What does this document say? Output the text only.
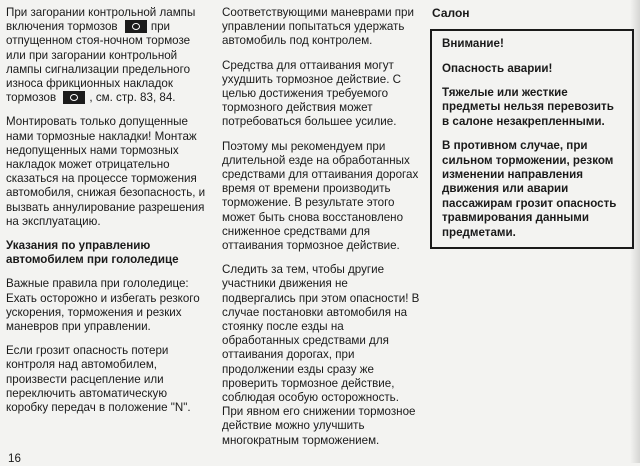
При загорании контрольной лампы включения тормозов	при отпущенном стоя-ночном тормозе или при загорании контрольной лампы сигнализации предельного износа фрикционных накладок тормозов	, см. стр. 83, 84.

Монтировать только допущенные нами тормозные накладки! Монтаж недопущенных нами тормозных накладок может отрицательно сказаться на процессе торможения автомобиля, снижая безопасность, и вызвать аннулирование разрешения на эксплуатацию.

Указания по управлению автомобилем при гололедице

Важные правила при гололедице: Ехать осторожно и избегать резкого ускорения, торможения и резких маневров при управлении.

Если грозит опасность потери контроля над автомобилем, произвести расцепление или переключить автоматическую коробку передач в положение "N".

Соответствующими маневрами при управлении попытаться удержать автомобиль под контролем.

Средства для оттаивания могут ухудшить тормозное действие. С целью достижения требуемого тормозного действия может потребоваться большее усилие.

Поэтому мы рекомендуем при длительной езде на обработанных средствами для оттаивания дорогах время от времени производить торможение. В результате этого может быть снова восстановлено сниженное средствами для оттаивания тормозное действие.

Следить за тем, чтобы другие участники движения не подвергались при этом опасности! В случае постановки автомобиля на стоянку после езды на обработанных средствами для оттаивания дорогах, при продолжении езды сразу же проверить тормозное действие, соблюдая особую осторожность. При явном его снижении тормозное действие можно улучшить многократным торможением.

Салон

Внимание!

Опасность аварии!

Тяжелые или жесткие предметы нельзя перевозить в салоне незакрепленными.

В противном случае, при сильном торможении, резком изменении направления движения или аварии пассажирам грозит опасность травмирования данными предметами.

16
